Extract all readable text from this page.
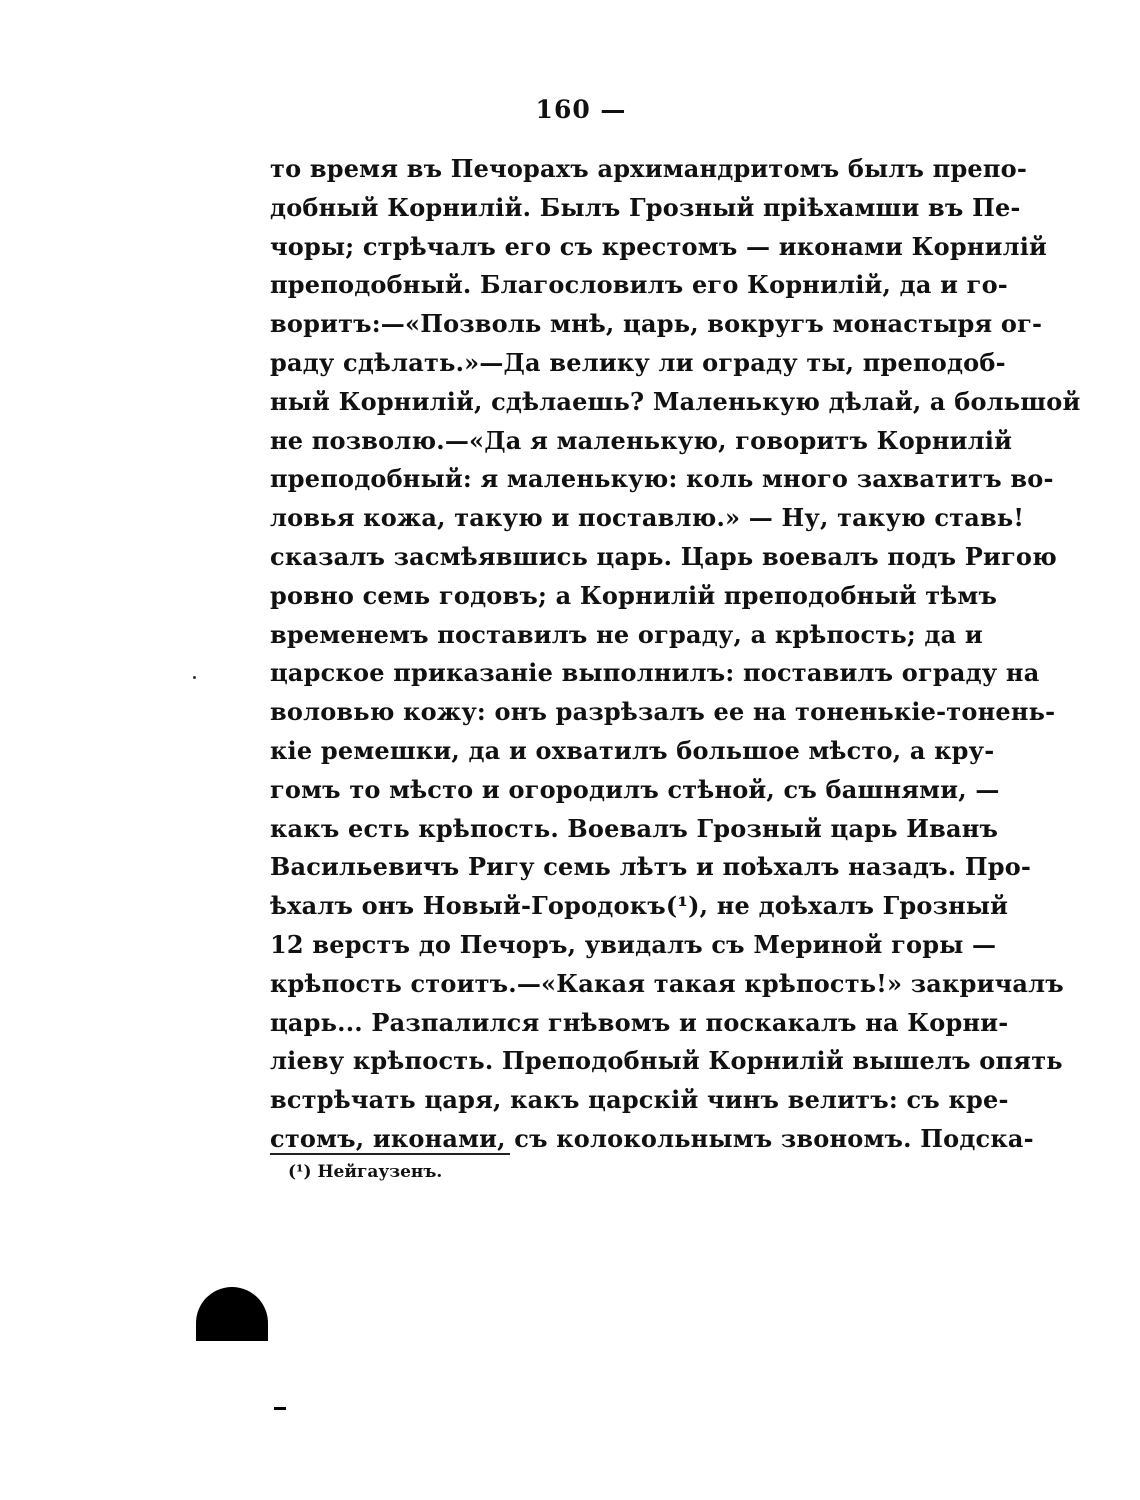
160 —
то время въ Печорахъ архимандритомъ былъ препо-
добный Корнилій. Былъ Грозный пріѣхамши въ Пе-
чоры; стрѣчалъ его съ крестомъ — иконами Корнилій
преподобный. Благословилъ его Корнилій, да и го-
воритъ:—«Позволь мнѣ, царь, вокругъ монастыря ог-
раду сдѣлать.»—Да велику ли ограду ты, преподоб-
ный Корнилій, сдѣлаешь? Маленькую дѣлай, а большой
не позволю.—«Да я маленькую, говоритъ Корнилій
преподобный: я маленькую: коль много захватитъ во-
ловья кожа, такую и поставлю.» — Ну, такую ставь!
сказалъ засмѣявшись царь. Царь воевалъ подъ Ригою
ровно семь годовъ; а Корнилій преподобный тѣмъ
временемъ поставилъ не ограду, а крѣпость; да и
царское приказаніе выполнилъ: поставилъ ограду на
воловью кожу: онъ разрѣзалъ ее на тоненькіе-тонень-
кіе ремешки, да и охватилъ большое мѣсто, а кру-
гомъ то мѣсто и огородилъ стѣной, съ башнями, —
какъ есть крѣпость. Воевалъ Грозный царь Иванъ
Васильевичъ Ригу семь лѣтъ и поѣхалъ назадъ. Про-
ѣхалъ онъ Новый-Городокъ(¹), не доѣхалъ Грозный
12 верстъ до Печоръ, увидалъ съ Мериной горы —
крѣпость стоитъ.—«Какая такая крѣпость!» закричалъ
царь... Разпалился гнѣвомъ и поскакалъ на Корни-
ліеву крѣпость. Преподобный Корнилій вышелъ опять
встрѣчать царя, какъ царскій чинъ велитъ: съ кре-
стомъ, иконами, съ колокольнымъ звономъ. Подска-
(¹) Нейгаузенъ.
